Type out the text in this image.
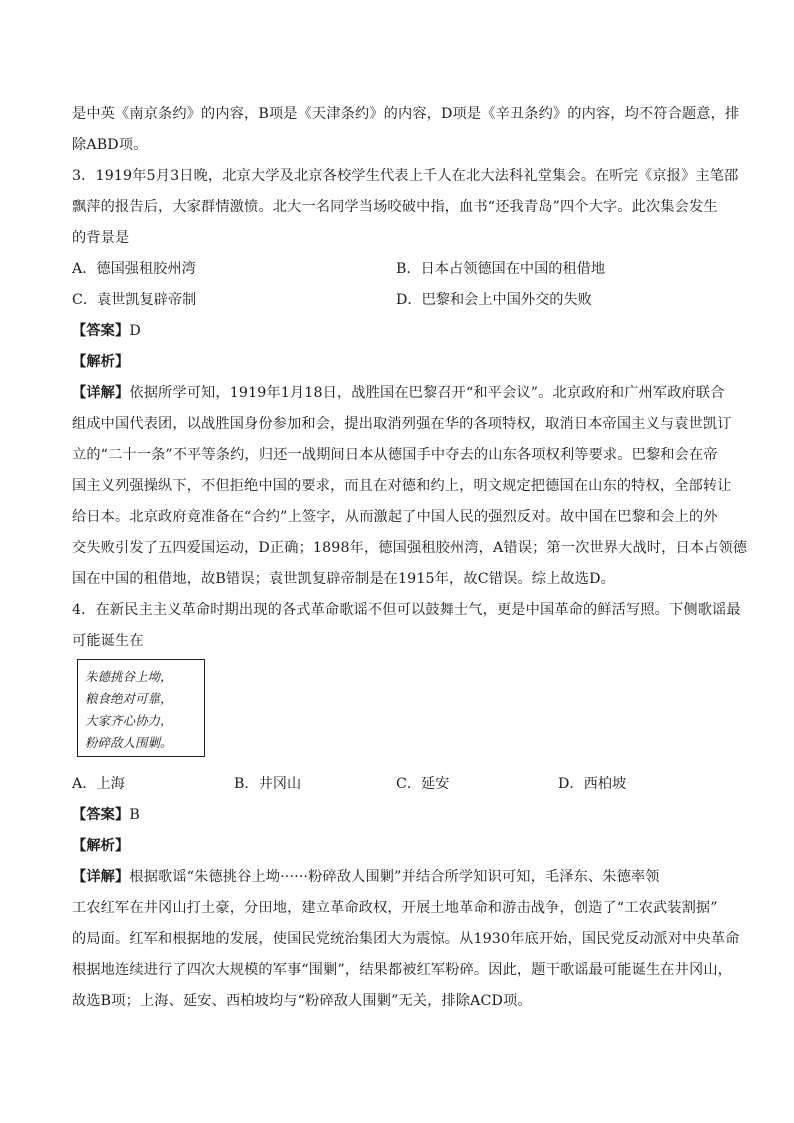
是中英《南京条约》的内容，B项是《天津条约》的内容，D项是《辛丑条约》的内容，均不符合题意，排
除ABD项。
3．1919年5月3日晚，北京大学及北京各校学生代表上千人在北大法科礼堂集会。在听完《京报》主笔邵
飘萍的报告后，大家群情激愤。北大一名同学当场咬破中指，血书“还我青岛”四个大字。此次集会发生
的背景是
A．德国强租胶州湾	B．日本占领德国在中国的租借地
C．袁世凯复辟帝制	D．巴黎和会上中国外交的失败
【答案】D
【解析】
【详解】依据所学可知，1919年1月18日，战胜国在巴黎召开“和平会议”。北京政府和广州军政府联合
组成中国代表团，以战胜国身份参加和会，提出取消列强在华的各项特权，取消日本帝国主义与袁世凯订
立的“二十一条”不平等条约，归还一战期间日本从德国手中夺去的山东各项权利等要求。巴黎和会在帝
国主义列强操纵下，不但拒绝中国的要求，而且在对德和约上，明文规定把德国在山东的特权，全部转让
给日本。北京政府竟准备在“合约”上签字，从而激起了中国人民的强烈反对。故中国在巴黎和会上的外
交失败引发了五四爱国运动，D正确；1898年，德国强租胶州湾，A错误；第一次世界大战时，日本占领德
国在中国的租借地，故B错误；袁世凯复辟帝制是在1915年，故C错误。综上故选D。
4．在新民主主义革命时期出现的各式革命歌谣不但可以鼓舞士气，更是中国革命的鲜活写照。下侧歌谣最
可能诞生在
朱德挑谷上坳，
粮食绝对可靠，
大家齐心协力，
粉碎敌人围剿。
A．上海	B．井冈山	C．延安	D．西柏坡
【答案】B
【解析】
【详解】根据歌谣“朱德挑谷上坳······粉碎敌人围剿”并结合所学知识可知，毛泽东、朱德率领
工农红军在井冈山打土豪，分田地，建立革命政权，开展土地革命和游击战争，创造了“工农武装割据”
的局面。红军和根据地的发展，使国民党统治集团大为震惊。从1930年底开始，国民党反动派对中央革命
根据地连续进行了四次大规模的军事“围剿”，结果都被红军粉碎。因此，题干歌谣最可能诞生在井冈山，
故选B项；上海、延安、西柏坡均与“粉碎敌人围剿”无关，排除ACD项。
